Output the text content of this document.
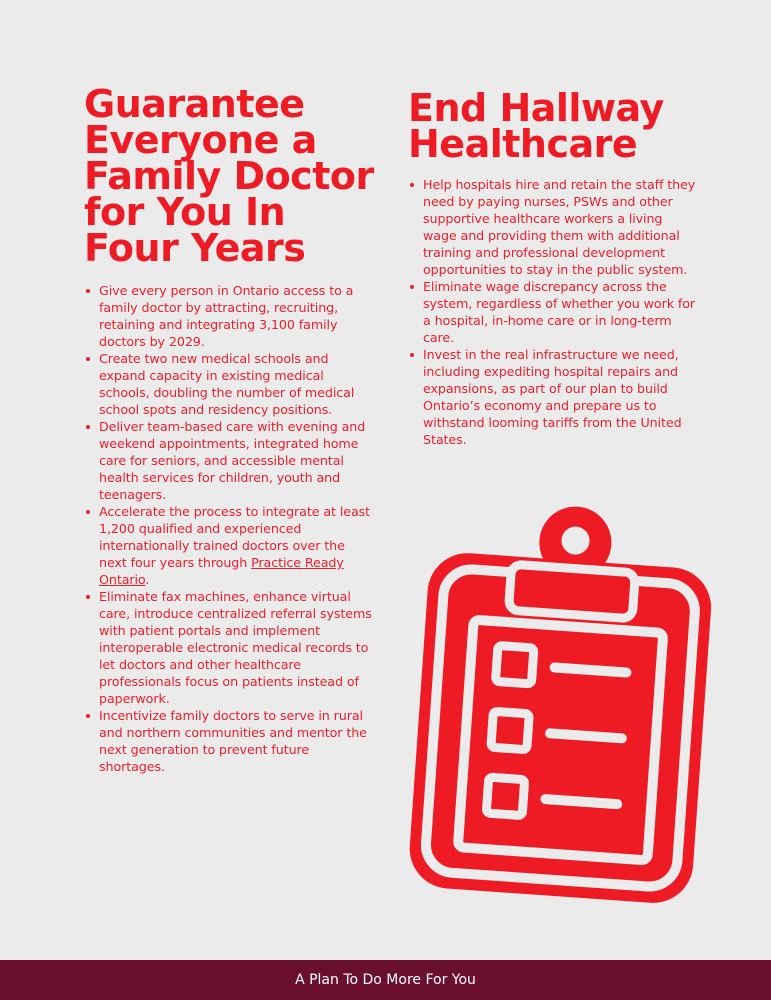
Guarantee Everyone a Family Doctor for You In Four Years
Give every person in Ontario access to a family doctor by attracting, recruiting, retaining and integrating 3,100 family doctors by 2029.
Create two new medical schools and expand capacity in existing medical schools, doubling the number of medical school spots and residency positions.
Deliver team-based care with evening and weekend appointments, integrated home care for seniors, and accessible mental health services for children, youth and teenagers.
Accelerate the process to integrate at least 1,200 qualified and experienced internationally trained doctors over the next four years through Practice Ready Ontario.
Eliminate fax machines, enhance virtual care, introduce centralized referral systems with patient portals and implement interoperable electronic medical records to let doctors and other healthcare professionals focus on patients instead of paperwork.
Incentivize family doctors to serve in rural and northern communities and mentor the next generation to prevent future shortages.
End Hallway Healthcare
Help hospitals hire and retain the staff they need by paying nurses, PSWs and other supportive healthcare workers a living wage and providing them with additional training and professional development opportunities to stay in the public system.
Eliminate wage discrepancy across the system, regardless of whether you work for a hospital, in-home care or in long-term care.
Invest in the real infrastructure we need, including expediting hospital repairs and expansions, as part of our plan to build Ontario’s economy and prepare us to withstand looming tariffs from the United States.
A Plan To Do More For You
